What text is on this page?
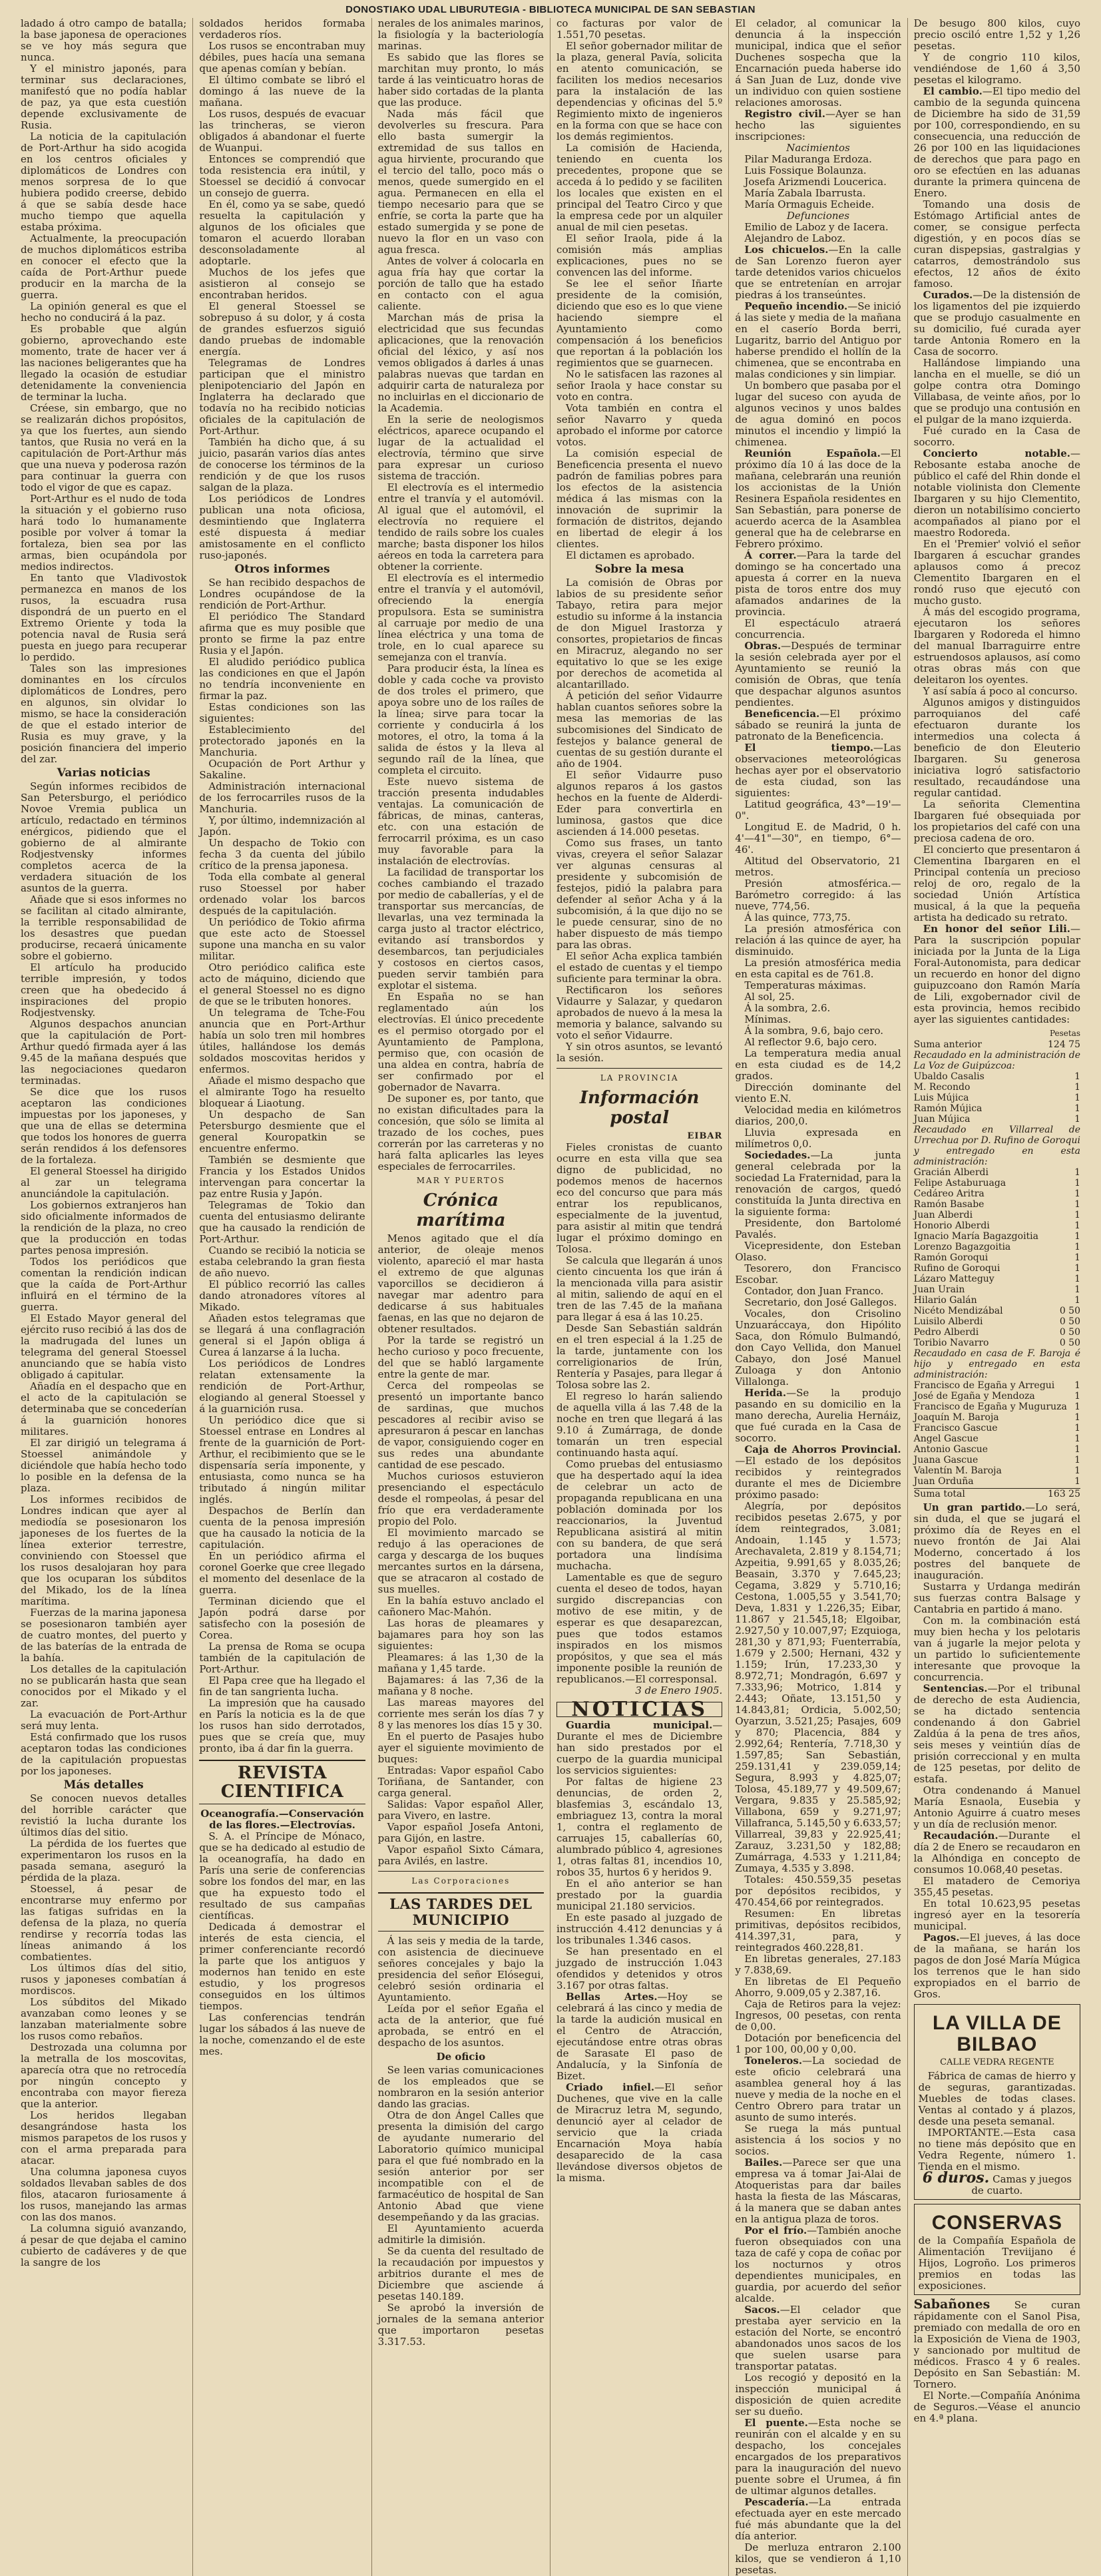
DONOSTIAKO UDAL LIBURUTEGIA - BIBLIOTECA MUNICIPAL DE SAN SEBASTIAN

ladado á otro campo de batalla; la base japonesa de operaciones se ve hoy más segura que nunca.

Y el ministro japonés, para terminar sus declaraciones, manifestó que no podía hablar de paz, ya que esta cuestión depende exclusivamente de Rusia.

La noticia de la capitulación de Port-Arthur ha sido acogida en los centros oficiales y diplomáticos de Londres con menos sorpresa de lo que hubiera podido creerse, debido á que se sabía desde hace mucho tiempo que aquella estaba próxima.

Actualmente, la preocupación de muchos diplomáticos estriba en conocer el efecto que la caída de Port-Arthur puede producir en la marcha de la guerra.

La opinión general es que el hecho no conducirá á la paz.

Es probable que algún gobierno, aprovechando este momento, trate de hacer ver á las naciones beligerantes que ha llegado la ocasión de estudiar detenidamente la conveniencia de terminar la lucha.

Créese, sin embargo, que no se realizarán dichos propósitos, ya que los fuertes, aun siendo tantos, que Rusia no verá en la capitulación de Port-Arthur más que una nueva y poderosa razón para continuar la guerra con todo el vigor de que es capaz.

Port-Arthur es el nudo de toda la situación y el gobierno ruso hará todo lo humanamente posible por volver á tomar la fortaleza, bien sea por las armas, bien ocupándola por medios indirectos.

En tanto que Vladivostok permanezca en manos de los rusos, la escuadra rusa dispondrá de un puerto en el Extremo Oriente y toda la potencia naval de Rusia será puesta en juego para recuperar lo perdido.

Tales son las impresiones dominantes en los círculos diplomáticos de Londres, pero en algunos, sin olvidar lo mismo, se hace la consideración de que el estado interior de Rusia es muy grave, y la posición financiera del imperio del zar.

Varias noticias

Según informes recibidos de San Petersburgo, el periódico Novoe Vremia publica un artículo, redactado en términos enérgicos, pidiendo que el gobierno de al almirante Rodjestvensky informes completos acerca de la verdadera situación de los asuntos de la guerra.

Añade que si esos informes no se facilitan al citado almirante, la terrible responsabilidad de los desastres que puedan producirse, recaerá únicamente sobre el gobierno.

El artículo ha producido terrible impresión, y todos creen que ha obedecido á inspiraciones del propio Rodjestvensky.

Algunos despachos anuncian que la capitulación de Port-Arthur quedó firmada ayer á las 9.45 de la mañana después que las negociaciones quedaron terminadas.

Se dice que los rusos aceptaron las condiciones impuestas por los japoneses, y que una de ellas se determina que todos los honores de guerra serán rendidos á los defensores de la fortaleza.

El general Stoessel ha dirigido al zar un telegrama anunciándole la capitulación.

Los gobiernos extranjeros han sido oficialmente informados de la rendición de la plaza, no creo que la producción en todas partes penosa impresión.

Todos los periódicos que comentan la rendición indican que la caída de Port-Arthur influirá en el término de la guerra.

El Estado Mayor general del ejército ruso recibió á las dos de la madrugada del lunes un telegrama del general Stoessel anunciando que se había visto obligado á capitular.

Añadía en el despacho que en el acto de la capitulación se determinaba que se concederían á la guarnición honores militares.

El zar dirigió un telegrama á Stoessel animándole y diciéndole que había hecho todo lo posible en la defensa de la plaza.

Los informes recibidos de Londres indican que ayer al mediodía se posesionaron los japoneses de los fuertes de la línea exterior terrestre, conviniendo con Stoessel que los rusos desalojaran hoy para que los ocuparan los súbditos del Mikado, los de la línea marítima.

Fuerzas de la marina japonesa se posesionaron también ayer de cuatro montes, del puerto y de las baterías de la entrada de la bahía.

Los detalles de la capitulación no se publicarán hasta que sean conocidos por el Mikado y el zar.

La evacuación de Port-Arthur será muy lenta.

Está confirmado que los rusos aceptaron todas las condiciones de la capitulación propuestas por los japoneses.

Más detalles

Se conocen nuevos detalles del horrible carácter que revistió la lucha durante los últimos días del sitio.

La pérdida de los fuertes que experimentaron los rusos en la pasada semana, aseguró la pérdida de la plaza.

Stoessel, á pesar de encontrarse muy enfermo por las fatigas sufridas en la defensa de la plaza, no quería rendirse y recorría todas las líneas animando á los combatientes.

Los últimos días del sitio, rusos y japoneses combatían á mordiscos.

Los súbditos del Mikado avanzaban como leones y se lanzaban materialmente sobre los rusos como rebaños.

Destrozada una columna por la metralla de los moscovitas, aparecía otra que no retrocedía por ningún concepto y encontraba con mayor fiereza que la anterior.

Los heridos llegaban desangrándose hasta los mismos parapetos de los rusos y con el arma preparada para atacar.

Una columna japonesa cuyos soldados llevaban sables de dos filos, atacaron furiosamente á los rusos, manejando las armas con las dos manos.

La columna siguió avanzando, á pesar de que dejaba el camino cubierto de cadáveres y de que la sangre de los

soldados heridos formaba verdaderos ríos.

Los rusos se encontraban muy débiles, pues hacía una semana que apenas comían y bebían.

El último combate se libró el domingo á las nueve de la mañana.

Los rusos, después de evacuar las trincheras, se vieron obligados á abandonar el fuerte de Wuanpui.

Entonces se comprendió que toda resistencia era inútil, y Stoessel se decidió á convocar un consejo de guerra.

En él, como ya se sabe, quedó resuelta la capitulación y algunos de los oficiales que tomaron el acuerdo lloraban desconsoladamente al adoptarle.

Muchos de los jefes que asistieron al consejo se encontraban heridos.

El general Stoessel se sobrepuso á su dolor, y á costa de grandes esfuerzos siguió dando pruebas de indomable energía.

Telegramas de Londres participan que el ministro plenipotenciario del Japón en Inglaterra ha declarado que todavía no ha recibido noticias oficiales de la capitulación de Port-Arthur.

También ha dicho que, á su juicio, pasarán varios días antes de conocerse los términos de la rendición y de que los rusos salgan de la plaza.

Los periódicos de Londres publican una nota oficiosa, desmintiendo que Inglaterra esté dispuesta á mediar amistosamente en el conflicto ruso-japonés.

Otros informes

Se han recibido despachos de Londres ocupándose de la rendición de Port-Arthur.

El periódico The Standard afirma que es muy posible que pronto se firme la paz entre Rusia y el Japón.

El aludido periódico publica las condiciones en que el Japón no tendría inconveniente en firmar la paz.

Estas condiciones son las siguientes:

Establecimiento del protectorado japonés en la Manchuria.

Ocupación de Port Arthur y Sakaline.

Administración internacional de los ferrocarriles rusos de la Manchuria.

Y, por último, indemnización al Japón.

Un despacho de Tokio con fecha 3 da cuenta del júbilo crítico de la prensa japonesa.

Toda ella combate al general ruso Stoessel por haber ordenado volar los barcos después de la capitulación.

Un periódico de Tokio afirma que este acto de Stoessel supone una mancha en su valor militar.

Otro periódico califica este acto de máquino, diciendo que el general Stoessel no es digno de que se le tributen honores.

Un telegrama de Tche-Fou anuncia que en Port-Arthur había un solo tren mil hombres útiles, hallándose los demás soldados moscovitas heridos y enfermos.

Añade el mismo despacho que el almirante Togo ha resuelto bloquear á Liaotung.

Un despacho de San Petersburgo desmiente que el general Kouropatkin se encuentre enfermo.

También se desmiente que Francia y los Estados Unidos intervengan para concertar la paz entre Rusia y Japón.

Telegramas de Tokio dan cuenta del entusiasmo delirante que ha causado la rendición de Port-Arthur.

Cuando se recibió la noticia se estaba celebrando la gran fiesta de año nuevo.

El público recorrió las calles dando atronadores vítores al Mikado.

Añaden estos telegramas que se llegará á una conflagración general si el Japón obliga á Curea á lanzarse á la lucha.

Los periódicos de Londres relatan extensamente la rendición de Port-Arthur, elogiando al general Stoessel y á la guarnición rusa.

Un periódico dice que si Stoessel entrase en Londres al frente de la guarnición de Port-Arthur, el recibimiento que se le dispensaría sería imponente, y entusiasta, como nunca se ha tributado á ningún militar inglés.

Despachos de Berlín dan cuenta de la penosa impresión que ha causado la noticia de la capitulación.

En un periódico afirma el coronel Goerke que cree llegado el momento del desenlace de la guerra.

Terminan diciendo que el Japón podrá darse por satisfecho con la posesión de Corea.

La prensa de Roma se ocupa también de la capitulación de Port-Arthur.

El Papa cree que ha llegado el fin de tan sangrienta lucha.

La impresión que ha causado en París la noticia es la de que los rusos han sido derrotados, pues que se creía que, muy pronto, iba á dar fin la guerra.

REVISTA CIENTIFICA

Oceanografía.—Conservación de las flores.—Electrovías.

S. A. el Príncipe de Mónaco, que se ha dedicado al estudio de la oceanografía, ha dado en París una serie de conferencias sobre los fondos del mar, en las que ha expuesto todo el resultado de sus campañas científicas.

Dedicada á demostrar el interés de esta ciencia, el primer conferenciante recordó la parte que los antiguos y modernos han tenido en este estudio, y los progresos conseguidos en los últimos tiempos.

Las conferencias tendrán lugar los sábados á las nueve de la noche, comenzando el de este mes.

nerales de los animales marinos, la fisiología y la bacteriología marinas.

Es sabido que las flores se marchitan muy pronto, lo más tarde á las veinticuatro horas de haber sido cortadas de la planta que las produce.

Nada más fácil que devolverles su frescura. Para ello basta sumergir la extremidad de sus tallos en agua hirviente, procurando que el tercio del tallo, poco más o menos, quede sumergido en el agua. Permanecen en ella el tiempo necesario para que se enfríe, se corta la parte que ha estado sumergida y se pone de nuevo la flor en un vaso con agua fresca.

Antes de volver á colocarla en agua fría hay que cortar la porción de tallo que ha estado en contacto con el agua caliente.

Marchan más de prisa la electricidad que sus fecundas aplicaciones, que la renovación oficial del léxico, y así nos vemos obligados á darles á unas palabras nuevas que tardan en adquirir carta de naturaleza por no incluirlas en el diccionario de la Academia.

En la serie de neologismos eléctricos, aparece ocupando el lugar de la actualidad el electrovía, término que sirve para expresar un curioso sistema de tracción.

El electrovía es el intermedio entre el tranvía y el automóvil. Al igual que el automóvil, el electrovía no requiere el tendido de rails sobre los cuales marche; basta disponer los hilos aéreos en toda la carretera para obtener la corriente.

El electrovía es el intermedio entre el tranvía y el automóvil, ofreciendo la energía propulsora. Esta se suministra al carruaje por medio de una línea eléctrica y una toma de trole, en lo cual aparece su semejanza con el tranvía.

Para producir ésta, la línea es doble y cada coche va provisto de dos troles el primero, que apoya sobre uno de los raíles de la línea; sirve para tocar la corriente y conducirla á los motores, el otro, la toma á la salida de éstos y la lleva al segundo raíl de la línea, que completa el circuito.

Este nuevo sistema de tracción presenta indudables ventajas. La comunicación de fábricas, de minas, canteras, etc. con una estación de ferrocarril próxima, es un caso muy favorable para la instalación de electrovías.

La facilidad de transportar los coches cambiando el trazado por medio de caballerías, y el de transportar sus mercancías, de llevarlas, una vez terminada la carga justo al tractor eléctrico, evitando así transbordos y desembarcos, tan perjudiciales y costosos en ciertos casos, pueden servir también para explotar el sistema.

En España no se han reglamentado aún los electrovías. El único precedente es el permiso otorgado por el Ayuntamiento de Pamplona, permiso que, con ocasión de una aldea en contra, habría de ser confirmado por el gobernador de Navarra.

De suponer es, por tanto, que no existan dificultades para la concesión, que sólo se limita al trazado de los coches, pues correrán por las carreteras y no hará falta aplicarles las leyes especiales de ferrocarriles.

MAR Y PUERTOS
Crónica marítima

Menos agitado que el día anterior, de oleaje menos violento, apareció el mar hasta el extremo de que algunas vaporcillos se decidieron á navegar mar adentro para dedicarse á sus habituales faenas, en las que no dejaron de obtener resultados.

Por la tarde se registró un hecho curioso y poco frecuente, del que se habló largamente entre la gente de mar.

Cerca del rompeolas se presentó un importante banco de sardinas, que muchos pescadores al recibir aviso se apresuraron á pescar en lanchas de vapor, consiguiendo coger en sus redes una abundante cantidad de ese pescado.

Muchos curiosos estuvieron presenciando el espectáculo desde el rompeolas, á pesar del frío que era verdaderamente propio del Polo.

El movimiento marcado se redujo á las operaciones de carga y descarga de los buques mercantes surtos en la dársena, que se atracaron al costado de sus muelles.

En la bahía estuvo anclado el cañonero Mac-Mahón.

Las horas de pleamares y bajamares para hoy son las siguientes:

Pleamares: á las 1,30 de la mañana y 1,45 tarde.

Bajamares: á las 7,36 de la mañana y 8 noche.

Las mareas mayores del corriente mes serán los días 7 y 8 y las menores los días 15 y 30.

En el puerto de Pasajes hubo ayer el siguiente movimiento de buques:

Entradas: Vapor español Cabo Toriñana, de Santander, con carga general.

Salidas: Vapor español Aller, para Vivero, en lastre.

Vapor español Josefa Antoni, para Gijón, en lastre.

Vapor español Sixto Cámara, para Avilés, en lastre.

Las Corporaciones
LAS TARDES DEL MUNICIPIO

Á las seis y media de la tarde, con asistencia de diecinueve señores concejales y bajo la presidencia del señor Elósegui, celebró sesión ordinaria el Ayuntamiento.

Leída por el señor Egaña el acta de la anterior, que fué aprobada, se entró en el despacho de los asuntos.

De oficio

Se leen varias comunicaciones de los empleados que se nombraron en la sesión anterior dando las gracias.

Otra de don Ángel Calles que presenta la dimisión del cargo de ayudante numerario del Laboratorio químico municipal para el que fué nombrado en la sesión anterior por ser incompatible con el de farmacéutico de hospital de San Antonio Abad que viene desempeñando y da las gracias.

El Ayuntamiento acuerda admitirle la dimisión.

Se da cuenta del resultado de la recaudación por impuestos y arbitrios durante el mes de Diciembre que asciende á pesetas 140.189.

Se aprobó la inversión de jornales de la semana anterior que importaron pesetas 3.317.53.

co facturas por valor de 1.551,70 pesetas.

El señor gobernador militar de la plaza, general Pavía, solicita en atento comunicación, se faciliten los medios necesarios para la instalación de las dependencias y oficinas del 5.º Regimiento mixto de ingenieros en la forma con que se hace con los demás regimientos.

La comisión de Hacienda, teniendo en cuenta los precedentes, propone que se acceda á lo pedido y se faciliten los locales que existen en el principal del Teatro Circo y que la empresa cede por un alquiler anual de mil cien pesetas.

El señor Iraola, pide á la comisión más amplias explicaciones, pues no se convencen las del informe.

Se lee el señor Iñarte presidente de la comisión, diciendo que eso es lo que viene haciendo siempre el Ayuntamiento como compensación á los beneficios que reportan á la población los regimientos que se guarnecen.

No le satisfacen las razones al señor Iraola y hace constar su voto en contra.

Vota también en contra el señor Navarro y queda aprobado el informe por catorce votos.

La comisión especial de Beneficencia presenta el nuevo padrón de familias pobres para los efectos de la asistencia médica á las mismas con la innovación de suprimir la formación de distritos, dejando en libertad de elegir á los clientes.

El dictamen es aprobado.

Sobre la mesa

La comisión de Obras por labios de su presidente señor Tabayo, retira para mejor estudio su informe á la instancia de don Miguel Irastorza y consortes, propietarios de fincas en Miracruz, alegando no ser equitativo lo que se les exige por derechos de acometida al alcantarillado.

Á petición del señor Vidaurre hablan cuantos señores sobre la mesa las memorias de las subcomisiones del Sindicato de festejos y balance general de cuentas de su gestión durante el año de 1904.

El señor Vidaurre puso algunos reparos á los gastos hechos en la fuente de Alderdi-Eder para convertirla en luminosa, gastos que dice ascienden á 14.000 pesetas.

Como sus frases, un tanto vivas, creyera el señor Salazar ver algunas censuras al presidente y subcomisión de festejos, pidió la palabra para defender al señor Acha y á la subcomisión, á la que dijo no se le puede censurar, sino de no haber dispuesto de más tiempo para las obras.

El señor Acha explica también el estado de cuentas y el tiempo suficiente para terminar la obra.

Rectificaron los señores Vidaurre y Salazar, y quedaron aprobados de nuevo á la mesa la memoria y balance, salvando su voto el señor Vidaurre.

Y sin otros asuntos, se levantó la sesión.

LA PROVINCIA
Información postal
EIBAR

Fieles cronistas de cuanto ocurre en esta villa que sea digno de publicidad, no podemos menos de hacernos eco del concurso que para más entrar los republicanos, especialmente de la juventud, para asistir al mitin que tendrá lugar el próximo domingo en Tolosa.

Se calcula que llegarán á unos ciento cincuenta los que irán á la mencionada villa para asistir al mitin, saliendo de aquí en el tren de las 7.45 de la mañana para llegar á esa á las 10.25.

Desde San Sebastián saldrán en el tren especial á la 1.25 de la tarde, juntamente con los correligionarios de Irún, Rentería y Pasajes, para llegar á Tolosa sobre las 2.

El regreso lo harán saliendo de aquella villa á las 7.48 de la noche en tren que llegará á las 9.10 á Zumárraga, de donde tomarán un tren especial continuando hasta aquí.

Como pruebas del entusiasmo que ha despertado aquí la idea de celebrar un acto de propaganda republicana en una población dominada por los reaccionarios, la Juventud Republicana asistirá al mitin con su bandera, de que será portadora una lindísima muchacha.

Lamentable es que de seguro cuenta el deseo de todos, hayan surgido discrepancias con motivo de ese mitin, y de esperar es que desaparezcan, pues que todos estamos inspirados en los mismos propósitos, y que sea el más imponente posible la reunión de republicanos.—El corresponsal.

3 de Enero 1905.

NOTICIAS

Guardia municipal.—Durante el mes de Diciembre han sido prestados por el cuerpo de la guardia municipal los servicios siguientes:

Por faltas de higiene 23 denuncias, de orden 2, blasfemias 3, escándalo 13, embriaguez 13, contra la moral 1, contra el reglamento de carruajes 15, caballerías 60, alumbrado público 4, agresiones 1, otras faltas 81, incendios 10, robos 35, hurtos 6 y heridos 9.

En el año anterior se han prestado por la guardia municipal 21.180 servicios.

En este pasado al juzgado de instrucción 4.412 denuncias y á los tribunales 1.346 casos.

Se han presentado en el juzgado de instrucción 1.043 ofendidos y detenidos y otros 3.167 por otras faltas.

Bellas Artes.—Hoy se celebrará á las cinco y media de la tarde la audición musical en el Centro de Atracción, ejecutándose entre otras obras de Sarasate El paso de Andalucía, y la Sinfonía de Bizet.

Criado infiel.—El señor Duchenes, que vive en la calle de Miracruz letra M, segundo, denunció ayer al celador de servicio que la criada Encarnación Moya había desaparecido de la casa llevándose diversos objetos de la misma.

El celador, al comunicar la denuncia á la inspección municipal, indica que el señor Duchenes sospecha que la Encarnación pueda haberse ido á San Juan de Luz, donde vive un individuo con quien sostiene relaciones amorosas.

Registro civil.—Ayer se han hecho las siguientes inscripciones:

Nacimientos

Pilar Maduranga Erdoza.

Luis Fossique Bolaunza.

Josefa Arizmendi Loucerica.

María Zabala Ibarrusta.

María Ormaguis Echeide.

Defunciones

Emilio de Laboz y de Iacera.

Alejandro de Laboz.

Los chicuelos.—En la calle de San Lorenzo fueron ayer tarde detenidos varios chicuelos que se entretenían en arrojar piedras á los transeúntes.

Pequeño incendio.—Se inició á las siete y media de la mañana en el caserío Borda berri, Lugaritz, barrio del Antiguo por haberse prendido el hollín de la chimenea, que se encontraba en malas condiciones y sin limpiar.

Un bombero que pasaba por el lugar del suceso con ayuda de algunos vecinos y unos baldes de agua dominó en pocos minutos el incendio y limpió la chimenea.

Reunión Española.—El próximo día 10 á las doce de la mañana, celebrarán una reunión los accionistas de la Unión Resinera Española residentes en San Sebastián, para ponerse de acuerdo acerca de la Asamblea general que ha de celebrarse en Febrero próximo.

Á correr.—Para la tarde del domingo se ha concertado una apuesta á correr en la nueva pista de toros entre dos muy afamados andarines de la provincia.

El espectáculo atraerá concurrencia.

Obras.—Después de terminar la sesión celebrada ayer por el Ayuntamiento se reunió la comisión de Obras, que tenía que despachar algunos asuntos pendientes.

Beneficencia.—El próximo sábado se reunirá la junta de patronato de la Beneficencia.

El tiempo.—Las observaciones meteorológicas hechas ayer por el observatorio de esta ciudad, son las siguientes:

Latitud geográfica, 43°—19'—0".

Longitud E. de Madrid, 0 h. 4'—41"—30", en tiempo, 6°—46'.

Altitud del Observatorio, 21 metros.

Presión atmosférica.—Barómetro corregido: á las nueve, 774,56.

Á las quince, 773,75.

La presión atmosférica con relación á las quince de ayer, ha disminuido.

La presión atmosférica media en esta capital es de 761.8.

Temperaturas máximas.

Al sol, 25.

Á la sombra, 2.6.

Mínimas.

Á la sombra, 9.6, bajo cero.

Al reflector 9.6, bajo cero.

La temperatura media anual en esta ciudad es de 14,2 grados.

Dirección dominante del viento E.N.

Velocidad media en kilómetros diarios, 200,0.

Lluvia expresada en milímetros 0,0.

Sociedades.—La junta general celebrada por la sociedad La Fraternidad, para la renovación de cargos, quedó constituída la Junta directiva en la siguiente forma:

Presidente, don Bartolomé Pavalés.

Vicepresidente, don Esteban Olaso.

Tesorero, don Francisco Escobar.

Contador, don Juan Franco.

Secretario, don José Gallegos.

Vocales, don Crisolino Unzuaráccaya, don Hipólito Saca, don Rómulo Bulmandó, don Cayo Vellida, don Manuel Cabayo, don José Manuel Zuloaga y don Antonio Villalonga.

Herida.—Se la produjo pasando en su domicilio en la mano derecha, Aurelia Hernáiz, que fué curada en la Casa de socorro.

Caja de Ahorros Provincial.—El estado de los depósitos recibidos y reintegrados durante el mes de Diciembre próximo pasado:

Alegría, por depósitos recibidos pesetas 2.675, y por ídem reintegrados, 3.081; Andoain, 1.145 y 1.573; Arechavaleta, 2.819 y 8.154,71; Azpeitia, 9.991,65 y 8.035,26; Beasain, 3.370 y 7.645,23; Cegama, 3.829 y 5.710,16; Cestona, 1.005,55 y 3.541,70; Deva, 1.831 y 1.226,35; Eibar, 11.867 y 21.545,18; Elgoibar, 2.927,50 y 10.007,97; Ezquioga, 281,30 y 871,93; Fuenterrabía, 1.679 y 2.500; Hernani, 432 y 1.159; Irún, 17.233,30 y 8.972,71; Mondragón, 6.697 y 7.333,96; Motrico, 1.814 y 2.443; Oñate, 13.151,50 y 14.843,81; Ordicia, 5.002,50; Oyarzun, 3.521,25; Pasajes, 609 y 870; Placencia, 884 y 2.992,64; Rentería, 7.718,30 y 1.597,85; San Sebastián, 259.131,41 y 239.059,14; Segura, 8.993 y 4.825,07; Tolosa, 45.189,77 y 49.509,67; Vergara, 9.835 y 25.585,92; Villabona, 659 y 9.271,97; Villafranca, 5.145,50 y 6.633,57; Villarreal, 39,83 y 22.925,41; Zarauz, 3.231,50 y 182,88; Zumárraga, 4.533 y 1.211,84; Zumaya, 4.535 y 3.898.

Totales: 450.559,35 pesetas por depósitos recibidos, y 470.454,66 por reintegrados.

Resumen: En libretas primitivas, depósitos recibidos, 414.397,31, para, y reintegrados 460.228,81.

En libretas generales, 27.183 y 7.838,69.

En libretas de El Pequeño Ahorro, 9.009,05 y 2.387,16.

Caja de Retiros para la vejez: Ingresos, 00 pesetas, con renta de 0,00.

Dotación por beneficencia del 1 por 100, 00,00 y 0,00.

Toneleros.—La sociedad de este oficio celebrará una asamblea general hoy á las nueve y media de la noche en el Centro Obrero para tratar un asunto de sumo interés.

Se ruega la más puntual asistencia á los socios y no socios.

Bailes.—Parece ser que una empresa va á tomar Jai-Alai de Atoqueristas para dar bailes hasta la fiesta de las Máscaras, á la manera que se daban antes en la antigua plaza de toros.

Por el frío.—También anoche fueron obsequiados con una taza de café y copa de coñac por los nocturnos y otros dependientes municipales, en guardia, por acuerdo del señor alcalde.

Sacos.—El celador que prestaba ayer servicio en la estación del Norte, se encontró abandonados unos sacos de los que suelen usarse para transportar patatas.

Los recogió y depositó en la inspección municipal á disposición de quien acredite ser su dueño.

El puente.—Esta noche se reunirán con el alcalde y en su despacho, los concejales encargados de los preparativos para la inauguración del nuevo puente sobre el Urumea, á fin de ultimar algunos detalles.

Pescadería.—La entrada efectuada ayer en este mercado fué más abundante que la del día anterior.

De merluza entraron 2.100 kilos, que se vendieron á 1,10 pesetas.

De besugo 800 kilos, cuyo precio osciló entre 1,52 y 1,26 pesetas.

Y de congrio 110 kilos, vendiéndose de 1,60 á 3,50 pesetas el kilogramo.

El cambio.—El tipo medio del cambio de la segunda quincena de Diciembre ha sido de 31,59 por 100, correspondiendo, en su consecuencia, una reducción de 26 por 100 en las liquidaciones de derechos que para pago en oro se efectúen en las aduanas durante la primera quincena de Enero.

Tomando una dosis de Estómago Artificial antes de comer, se consigue perfecta digestión, y en pocos días se curan dispepsias, gastralgias y catarros, demostrándolo sus efectos, 12 años de éxito famoso.

Curados.—De la distensión de los ligamentos del pie izquierdo que se produjo casualmente en su domicilio, fué curada ayer tarde Antonia Romero en la Casa de socorro.

Hallándose limpiando una lancha en el muelle, se dió un golpe contra otra Domingo Villabasa, de veinte años, por lo que se produjo una contusión en el pulgar de la mano izquierda.

Fué curado en la Casa de socorro.

Concierto notable.—Rebosante estaba anoche de público el café del Rhin donde el notable violinista don Clemente Ibargaren y su hijo Clementito, dieron un notabilísimo concierto acompañados al piano por el maestro Rodoreda.

En el 'Premier' volvió el señor Ibargaren á escuchar grandes aplausos como á precoz Clementito Ibargaren en el rondó ruso que ejecutó con mucho gusto.

Á más del escogido programa, ejecutaron los señores Ibargaren y Rodoreda el himno del manual Ibarraguirre entre estruendosos aplausos, así como otras obras más con que deleitaron los oyentes.

Y así sabía á poco al concurso.

Algunos amigos y distinguidos parroquianos del café efectuaron durante los intermedios una colecta á beneficio de don Eleuterio Ibargaren. Su generosa iniciativa logró satisfactorio resultado, recaudándose una regular cantidad.

La señorita Clementina Ibargaren fué obsequiada por los propietarios del café con una preciosa cadena de oro.

El concierto que presentaron á Clementina Ibargaren en el Principal contenía un precioso reloj de oro, regalo de la sociedad Unión Artística musical, á la que la pequeña artista ha dedicado su retrato.

En honor del señor Lili.—Para la suscripción popular iniciada por la Junta de la Liga Foral-Autonomista, para dedicar un recuerdo en honor del digno guipuzcoano don Ramón María de Lili, exgobernador civil de esta provincia, hemos recibido ayer las siguientes cantidades:

Pesetas
Suma anterior	124 75
Recaudado en la administración de La Voz de Guipúzcoa:
Ubaldo Casalis	1
M. Recondo	1
Luis Mújica	1
Ramón Mújica	1
Juan Mújica	1
Recaudado en Villarreal de Urrechua por D. Rufino de Goroqui y entregado en esta administración:
Gracián Alberdi	1
Felipe Astaburuaga	1
Cedáreo Aritra	1
Ramón Basabe	1
Juan Alberdi	1
Honorio Alberdi	1
Ignacio María Bagazgoitia	1
Lorenzo Bagazgoitia	1
Ramón Goroqui	1
Rufino de Goroqui	1
Lázaro Matteguy	1
Juan Urain	1
Hilario Galán	1
Nicéto Mendizábal	0 50
Luisilo Alberdi	0 50
Pedro Alberdi	0 50
Toribio Navarro	0 50
Recaudado en casa de F. Baroja é hijo y entregado en esta administración:
Francisco de Egaña y Arregui	1
José de Egaña y Mendoza	1
Francisco de Egaña y Muguruza 1
Joaquín M. Baroja	1
Francisco Gascue	1
Angel Gascue	1
Antonio Gascue	1
Juana Gascue	1
Valentín M. Baroja	1
Juan Orduña	1
Suma total	163 25

Un gran partido.—Lo será, sin duda, el que se jugará el próximo día de Reyes en el nuevo frontón de Jai Alai Moderno, concertado á los postres del banquete de inauguración.

Sustarra y Urdanga medirán sus fuerzas contra Balsage y Cantabria en partido á mano.

Con m. la combinación está muy bien hecha y los pelotaris van á jugarle la mejor pelota y un partido lo suficientemente interesante que provoque la concurrencia.

Sentencias.—Por el tribunal de derecho de esta Audiencia, se ha dictado sentencia condenando á don Gabriel Zaldúa á la pena de tres años, seis meses y veintiún días de prisión correccional y en multa de 125 pesetas, por delito de estafa.

Otra condenando á Manuel María Esnaola, Eusebia y Antonio Aguirre á cuatro meses y un día de reclusión menor.

Recaudación.—Durante el día 2 de Enero se recaudaron en la Alhóndiga en concepto de consumos 10.068,40 pesetas.

El matadero de Cemoriya 355,45 pesetas.

En total 10.623,95 pesetas ingresó ayer en la tesorería municipal.

Pagos.—El jueves, á las doce de la mañana, se harán los pagos de don José María Múgica los terrenos que le han sido expropiados en el barrio de Gros.

LA VILLA DE BILBAO
CALLE VEDRA REGENTE

Fábrica de camas de hierro y de seguras, garantizadas. Muebles de todas clases. Ventas al contado y á plazos, desde una peseta semanal.

IMPORTANTE.—Esta casa no tiene más depósito que en Vedra Regente, número 1. Tienda en el mismo.

6 duros. Camas y juegos de cuarto.
CONSERVAS

de la Compañía Española de Alimentación Treviijano é Hijos, Logroño. Los primeros premios en todas las exposiciones.

Sabañones Se curan rápidamente con el Sanol Pisa, premiado con medalla de oro en la Exposición de Viena de 1903, y sancionado por multitud de médicos. Frasco 4 y 6 reales. Depósito en San Sebastián: M. Tornero.

El Norte.—Compañía Anónima de Seguros.—Véase el anuncio en 4.ª plana.
